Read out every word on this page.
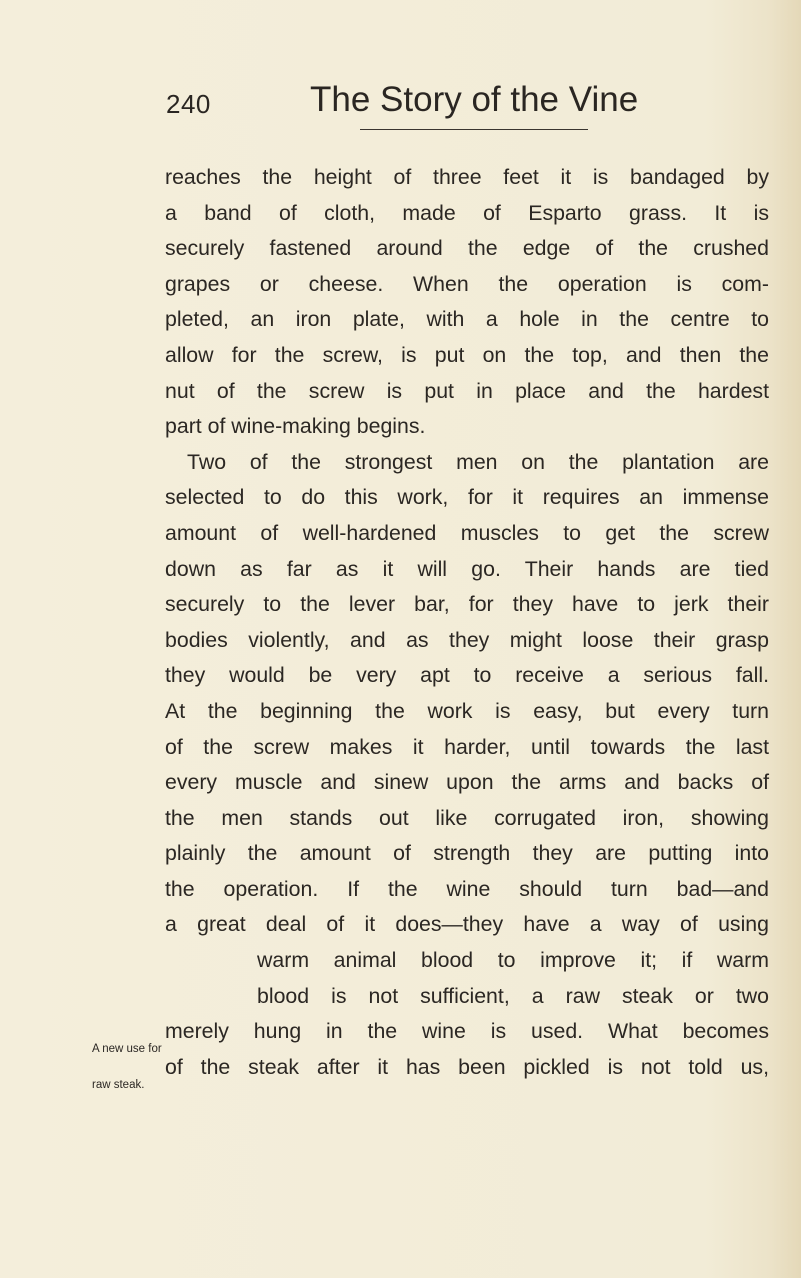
240	The Story of the Vine
reaches the height of three feet it is bandaged by
a band of cloth, made of Esparto grass. It is
securely fastened around the edge of the crushed
grapes or cheese. When the operation is com-
pleted, an iron plate, with a hole in the centre to
allow for the screw, is put on the top, and then the
nut of the screw is put in place and the hardest
part of wine-making begins.
Two of the strongest men on the plantation are
selected to do this work, for it requires an immense
amount of well-hardened muscles to get the screw
down as far as it will go. Their hands are tied
securely to the lever bar, for they have to jerk their
bodies violently, and as they might loose their grasp
they would be very apt to receive a serious fall.
At the beginning the work is easy, but every turn
of the screw makes it harder, until towards the last
every muscle and sinew upon the arms and backs of
the men stands out like corrugated iron, showing
plainly the amount of strength they are putting into
the operation. If the wine should turn bad—and
a great deal of it does—they have a way of using
warm animal blood to improve it; if warm
blood is not sufficient, a raw steak or two
merely hung in the wine is used. What becomes
of the steak after it has been pickled is not told us,
A new use for
raw steak.
